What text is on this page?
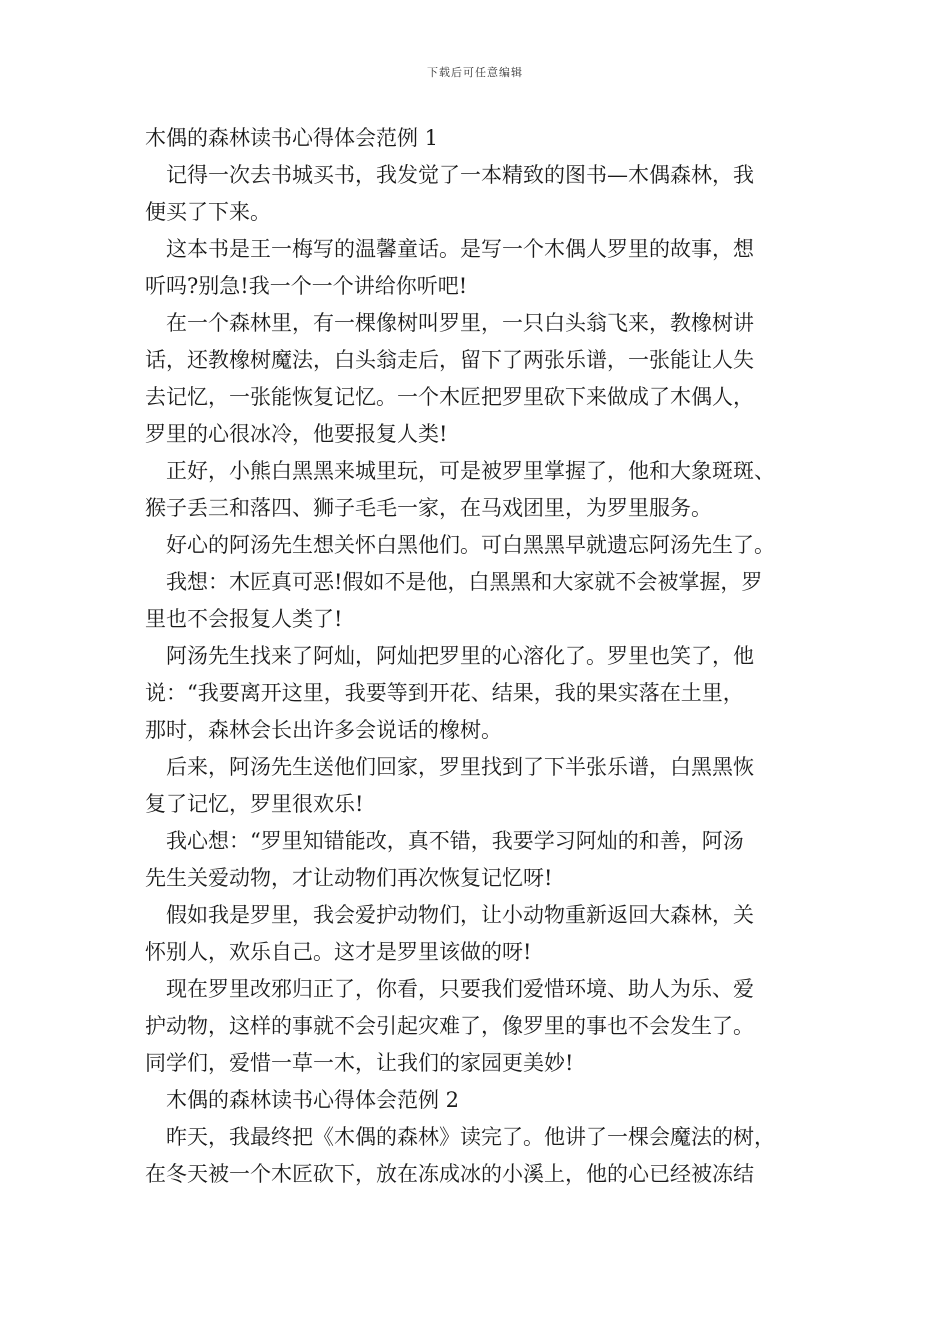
下载后可任意编辑
木偶的森林读书心得体会范例 1
　记得一次去书城买书，我发觉了一本精致的图书—木偶森林，我
便买了下来。
　这本书是王一梅写的温馨童话。是写一个木偶人罗里的故事，想
听吗?别急!我一个一个讲给你听吧!
　在一个森林里，有一棵像树叫罗里，一只白头翁飞来，教橡树讲
话，还教橡树魔法，白头翁走后，留下了两张乐谱，一张能让人失
去记忆，一张能恢复记忆。一个木匠把罗里砍下来做成了木偶人，
罗里的心很冰冷，他要报复人类!
　正好，小熊白黑黑来城里玩，可是被罗里掌握了，他和大象斑斑、
猴子丢三和落四、狮子毛毛一家，在马戏团里，为罗里服务。
　好心的阿汤先生想关怀白黑他们。可白黑黑早就遗忘阿汤先生了。
　我想：木匠真可恶!假如不是他，白黑黑和大家就不会被掌握，罗
里也不会报复人类了!
　阿汤先生找来了阿灿，阿灿把罗里的心溶化了。罗里也笑了，他
说：“我要离开这里，我要等到开花、结果，我的果实落在土里，
那时，森林会长出许多会说话的橡树。
　后来，阿汤先生送他们回家，罗里找到了下半张乐谱，白黑黑恢
复了记忆，罗里很欢乐!
　我心想：“罗里知错能改，真不错，我要学习阿灿的和善，阿汤
先生关爱动物，才让动物们再次恢复记忆呀!
　假如我是罗里，我会爱护动物们，让小动物重新返回大森林，关
怀别人，欢乐自己。这才是罗里该做的呀!
　现在罗里改邪归正了，你看，只要我们爱惜环境、助人为乐、爱
护动物，这样的事就不会引起灾难了，像罗里的事也不会发生了。
同学们，爱惜一草一木，让我们的家园更美妙!
　木偶的森林读书心得体会范例 2
　昨天，我最终把《木偶的森林》读完了。他讲了一棵会魔法的树，
在冬天被一个木匠砍下，放在冻成冰的小溪上，他的心已经被冻结
